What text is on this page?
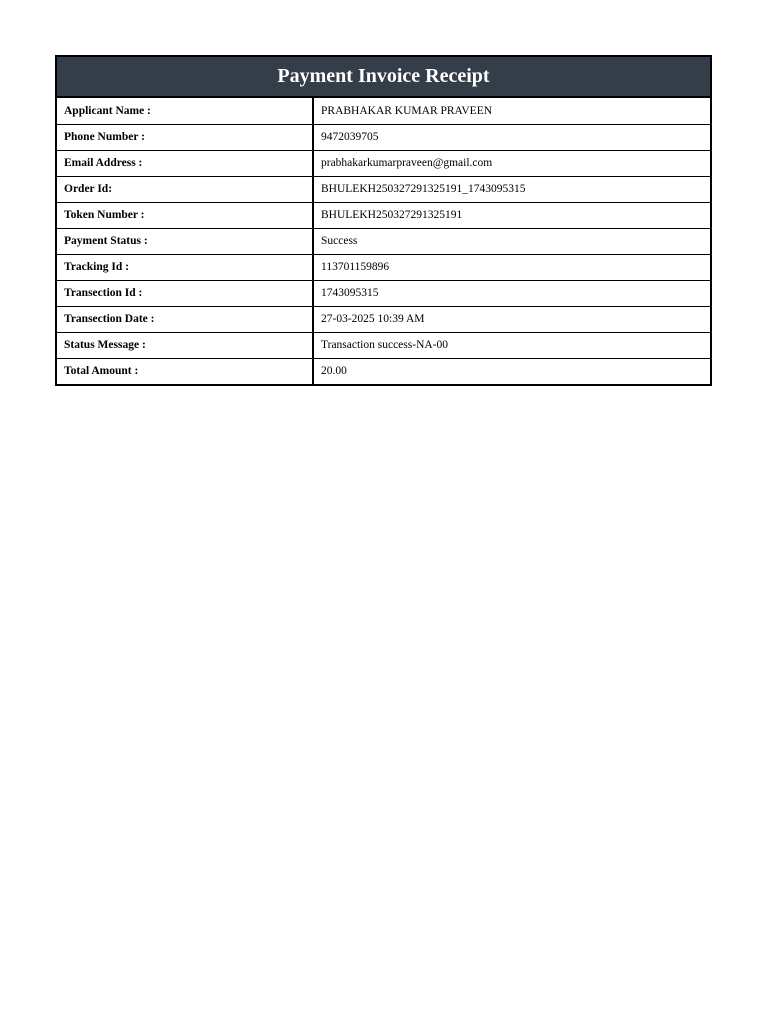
Payment Invoice Receipt
Applicant Name :	PRABHAKAR KUMAR PRAVEEN
Phone Number :	9472039705
Email Address :	prabhakarkumarpraveen@gmail.com
Order Id:	BHULEKH250327291325191_1743095315
Token Number :	BHULEKH250327291325191
Payment Status :	Success
Tracking Id :	113701159896
Transection Id :	1743095315
Transection Date :	27-03-2025 10:39 AM
Status Message :	Transaction success-NA-00
Total Amount :	20.00
